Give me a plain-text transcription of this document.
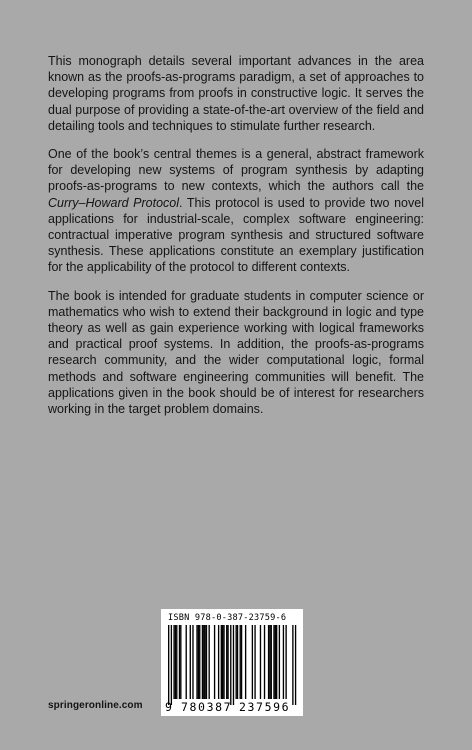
This monograph details several important advances in the area known as the proofs-as-programs paradigm, a set of approaches to developing programs from proofs in constructive logic. It serves the dual purpose of providing a state-of-the-art overview of the field and detailing tools and techniques to stimulate further research.

One of the book’s central themes is a general, abstract framework for developing new systems of program synthesis by adapting proofs-as-programs to new contexts, which the authors call the Curry–Howard Protocol. This protocol is used to provide two novel applications for industrial-scale, complex software engineering: contractual imperative program synthesis and structured software synthesis. These applications constitute an exemplary justification for the applicability of the protocol to different contexts.

The book is intended for graduate students in computer science or mathematics who wish to extend their background in logic and type theory as well as gain experience working with logical frameworks and practical proof systems. In addition, the proofs-as-programs research community, and the wider computational logic, formal methods and software engineering communities will benefit. The applications given in the book should be of interest for researchers working in the target problem domains.

springeronline.com
ISBN 978-0-387-23759-6
9 780387 237596
